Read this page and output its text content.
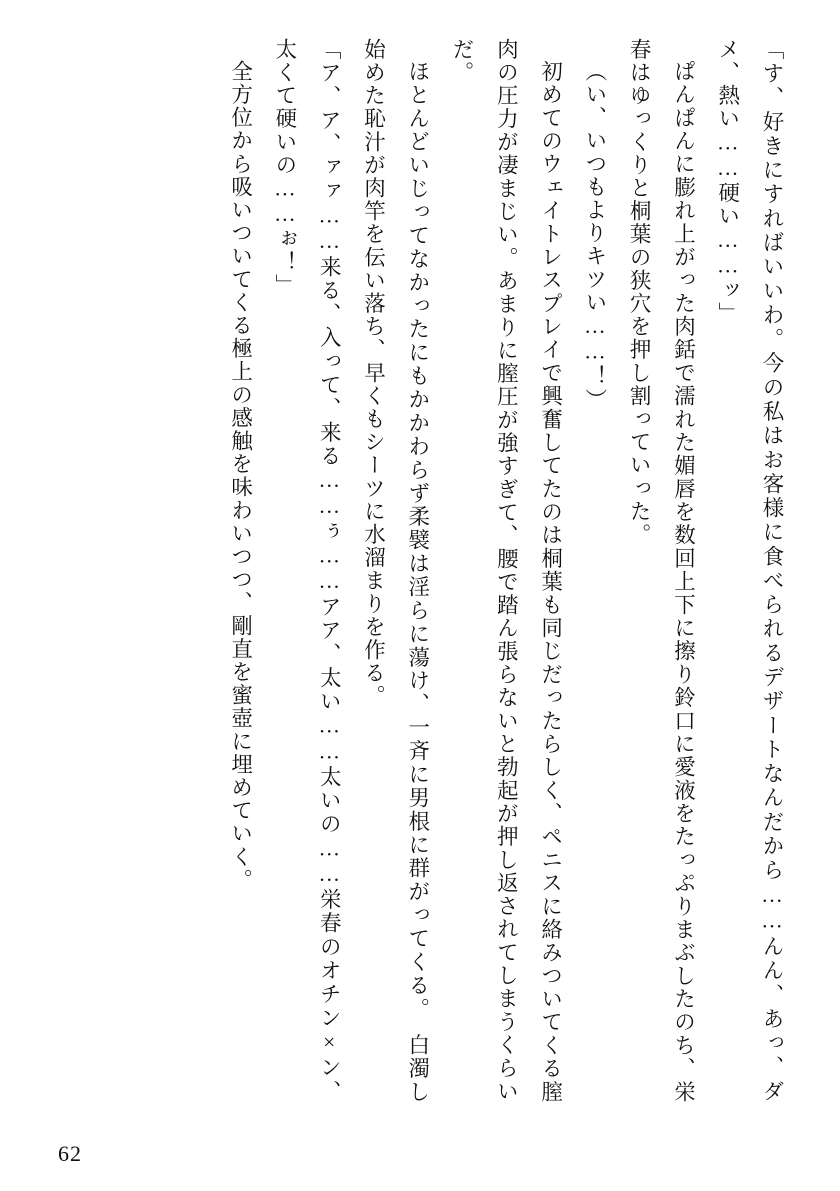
「す、好きにすればいいわ。今の私はお客様に食べられるデザートなんだから……んん、あっ、ダメ、熱い……硬い……ッ」

ぱんぱんに膨れ上がった肉銛で濡れた媚唇を数回上下に擦り鈴口に愛液をたっぷりまぶしたのち、栄春はゆっくりと桐葉の狭穴を押し割っていった。

（い、いつもよりキツい……！）

初めてのウェイトレスプレイで興奮してたのは桐葉も同じだったらしく、ペニスに絡みついてくる膣肉の圧力が凄まじい。あまりに膣圧が強すぎて、腰で踏ん張らないと勃起が押し返されてしまうくらいだ。

ほとんどいじってなかったにもかかわらず柔襞は淫らに蕩け、一斉に男根に群がってくる。　白濁し始めた恥汁が肉竿を伝い落ち、早くもシーツに水溜まりを作る。

「ア、ア、ァァ……来る、入って、来る……ぅ……アア、太い……太いの……栄春のオチン×ン、太くて硬いの……ぉ！」

全方位から吸いついてくる極上の感触を味わいつつ、剛直を蜜壺に埋めていく。

62
